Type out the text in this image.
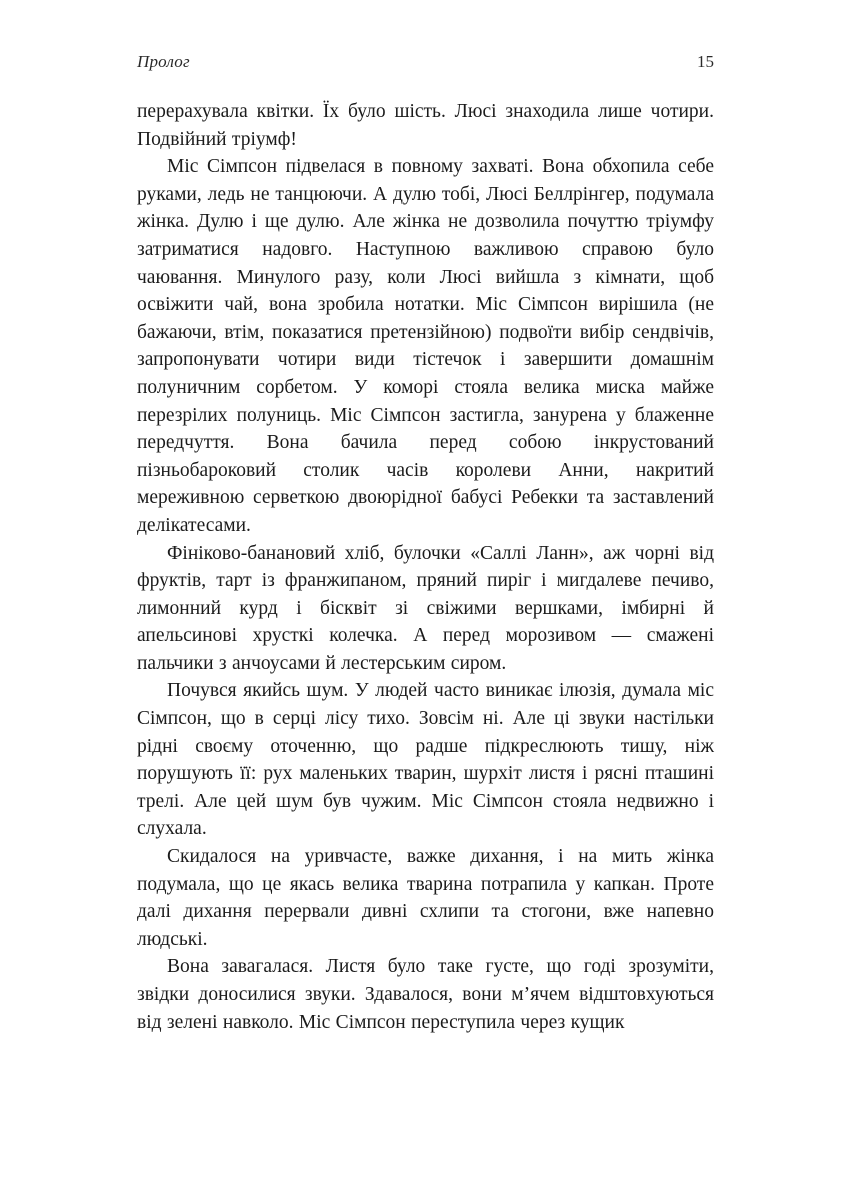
Пролог	15

перерахувала квітки. Їх було шість. Люсі знаходила лише чотири. Подвійний тріумф!

Міс Сімпсон підвелася в повному захваті. Вона обхопила себе руками, ледь не танцюючи. А дулю тобі, Люсі Беллрінгер, подумала жінка. Дулю і ще дулю. Але жінка не дозволила почуттю тріумфу затриматися надовго. Наступною важливою справою було чаювання. Минулого разу, коли Люсі вийшла з кімнати, щоб освіжити чай, вона зробила нотатки. Міс Сімпсон вирішила (не бажаючи, втім, показатися претензійною) подвоїти вибір сендвічів, запропонувати чотири види тістечок і завершити домашнім полуничним сорбетом. У коморі стояла велика миска майже перезрілих полуниць. Міс Сімпсон застигла, занурена у блаженне передчуття. Вона бачила перед собою інкрустований пізньобароковий столик часів королеви Анни, накритий мереживною серветкою двоюрідної бабусі Ребекки та заставлений делікатесами.

Фініково-банановий хліб, булочки «Саллі Ланн», аж чорні від фруктів, тарт із франжипаном, пряний пиріг і мигдалеве печиво, лимонний курд і бісквіт зі свіжими вершками, імбирні й апельсинові хрусткі колечка. А перед морозивом — смажені пальчики з анчоусами й лестерським сиром.

Почувся якийсь шум. У людей часто виникає ілюзія, думала міс Сімпсон, що в серці лісу тихо. Зовсім ні. Але ці звуки настільки рідні своєму оточенню, що радше підкреслюють тишу, ніж порушують її: рух маленьких тварин, шурхіт листя і рясні пташині трелі. Але цей шум був чужим. Міс Сімпсон стояла недвижно і слухала.

Скидалося на уривчасте, важке дихання, і на мить жінка подумала, що це якась велика тварина потрапила у капкан. Проте далі дихання перервали дивні схлипи та стогони, вже напевно людські.

Вона завагалася. Листя було таке густе, що годі зрозуміти, звідки доносилися звуки. Здавалося, вони м’ячем відштовхуються від зелені навколо. Міс Сімпсон переступила через кущик
